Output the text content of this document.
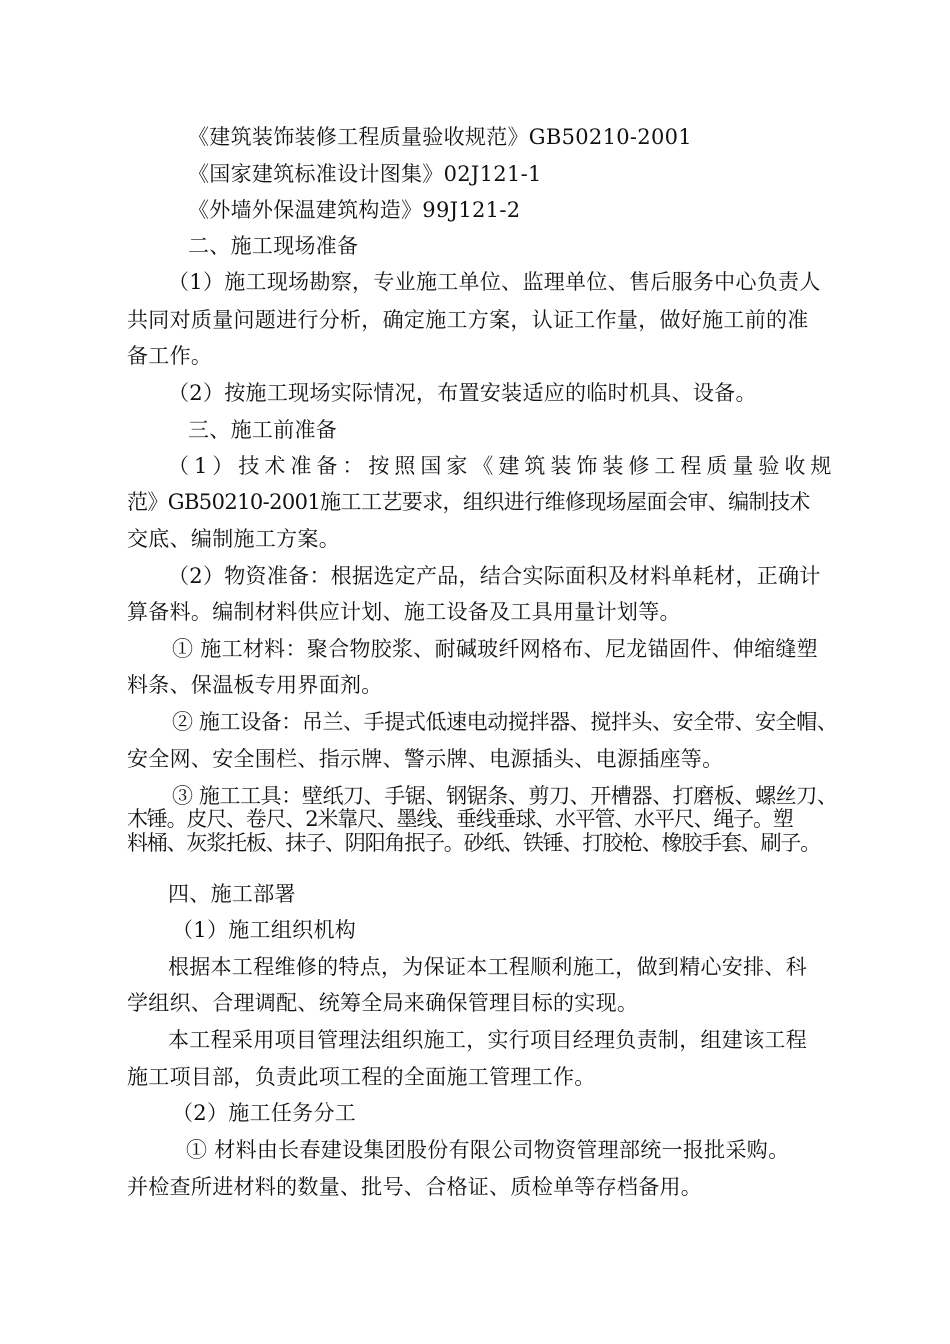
《建筑装饰装修工程质量验收规范》GB50210-2001

《国家建筑标准设计图集》02J121-1

《外墙外保温建筑构造》99J121-2

二、施工现场准备

（1）施工现场勘察，专业施工单位、监理单位、售后服务中心负责人

共同对质量问题进行分析，确定施工方案，认证工作量，做好施工前的准

备工作。

（2）按施工现场实际情况，布置安装适应的临时机具、设备。

三、施工前准备

（1）技术准备：按照国家《建筑装饰装修工程质量验收规

范》GB50210-2001施工工艺要求，组织进行维修现场屋面会审、编制技术

交底、编制施工方案。

（2）物资准备：根据选定产品，结合实际面积及材料单耗材，正确计

算备料。编制材料供应计划、施工设备及工具用量计划等。

① 施工材料：聚合物胶浆、耐碱玻纤网格布、尼龙锚固件、伸缩缝塑

料条、保温板专用界面剂。

② 施工设备：吊兰、手提式低速电动搅拌器、搅拌头、安全带、安全帽、

安全网、安全围栏、指示牌、警示牌、电源插头、电源插座等。

③ 施工工具：壁纸刀、手锯、钢锯条、剪刀、开槽器、打磨板、螺丝刀、

木锤。皮尺、卷尺、2米靠尺、墨线、垂线垂球、水平管、水平尺、绳子。塑

料桶、灰浆托板、抹子、阴阳角抿子。砂纸、铁锤、打胶枪、橡胶手套、刷子。

四、施工部署

（1）施工组织机构

根据本工程维修的特点，为保证本工程顺利施工，做到精心安排、科

学组织、合理调配、统筹全局来确保管理目标的实现。

本工程采用项目管理法组织施工，实行项目经理负责制，组建该工程

施工项目部，负责此项工程的全面施工管理工作。

（2）施工任务分工

① 材料由长春建设集团股份有限公司物资管理部统一报批采购。

并检查所进材料的数量、批号、合格证、质检单等存档备用。
